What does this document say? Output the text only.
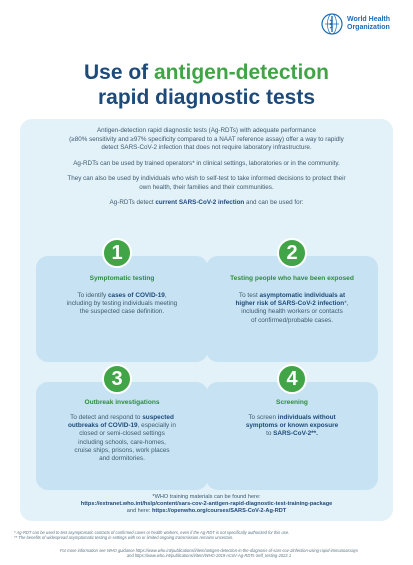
World Health
Organization
Use of antigen-detection
rapid diagnostic tests

Antigen-detection rapid diagnostic tests (Ag-RDTs) with adequate performance
(≥80% sensitivity and ≥97% specificity compared to a NAAT reference assay) offer a way to rapidly
detect SARS-CoV-2 infection that does not require laboratory infrastructure.

Ag-RDTs can be used by trained operators* in clinical settings, laboratories or in the community.

They can also be used by individuals who wish to self-test to take informed decisions to protect their
own health, their families and their communities.

Ag-RDTs detect current SARS-CoV-2 infection and can be used for:

1
Symptomatic testing
To identify cases of COVID-19,
including by testing individuals meeting
the suspected case definition.
2
Testing people who have been exposed
To test asymptomatic individuals at
higher risk of SARS-CoV-2 infection*,
including health workers or contacts
of confirmed/probable cases.
3
Outbreak investigations
To detect and respond to suspected
outbreaks of COVID-19, especially in
closed or semi-closed settings
including schools, care-homes,
cruise ships, prisons, work places
and dormitories.
4
Screening
To screen individuals without
symptoms or known exposure
to SARS-CoV-2**.
*WHO training materials can be found here:
https://extranet.who.int/hslp/content/sars-cov-2-antigen-rapid-diagnostic-test-training-package
and here: https://openwho.org/courses/SARS-CoV-2-Ag-RDT
* Ag-RDT can be used to test asymptomatic contacts of confirmed cases or health workers, even if the Ag-RDT is not specifically authorized for this use.
** The benefits of widespread asymptomatic testing in settings with no or limited ongoing transmission remains uncertain.
For more information see WHO guidance https://www.who.int/publications/i/item/antigen-detection-in-the-diagnosis-of-sars-cov-2infection-using-rapid-immunoassays
and https://www.who.int/publications/i/item/WHO-2019-nCoV-Ag-RDTs-Self_testing-2022.1
